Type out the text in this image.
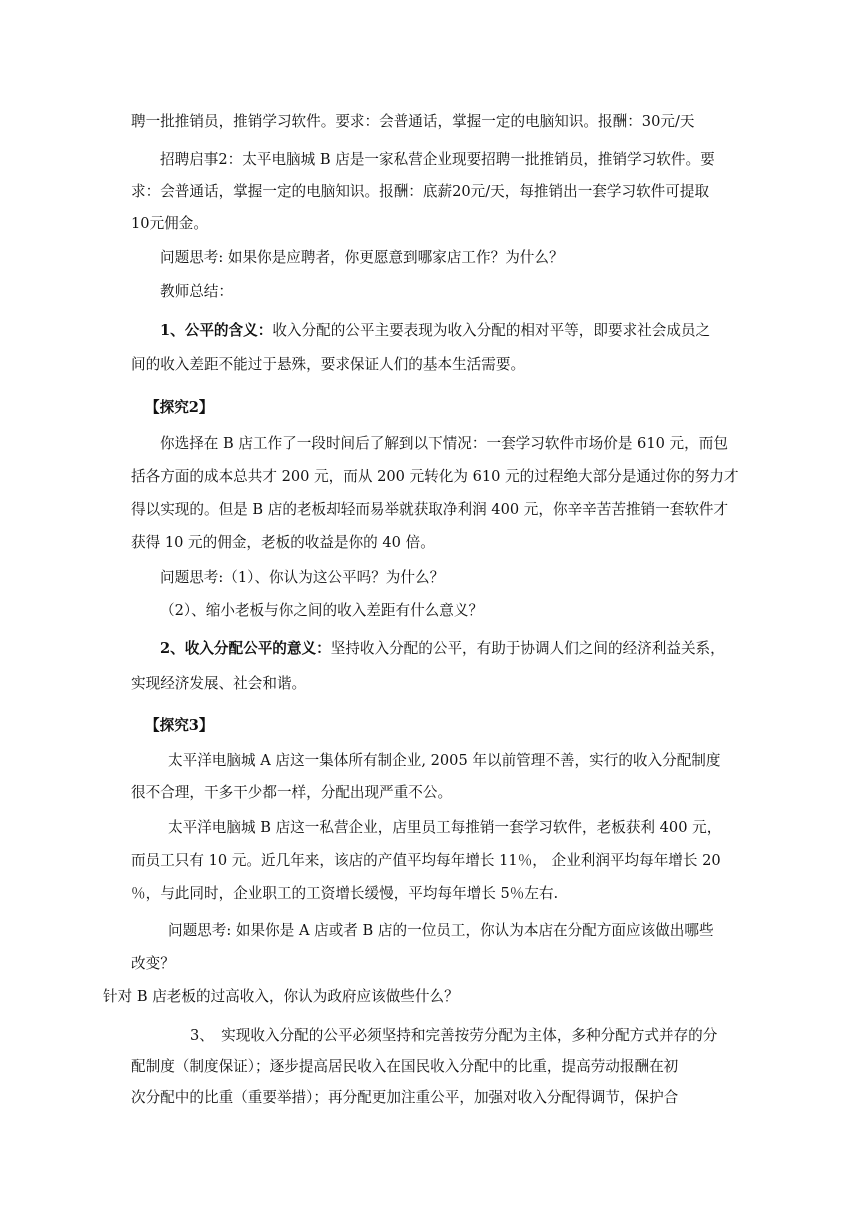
聘一批推销员，推销学习软件。要求：会普通话，掌握一定的电脑知识。报酬：30元/天
招聘启事2：太平电脑城 B 店是一家私营企业现要招聘一批推销员，推销学习软件。要
求：会普通话，掌握一定的电脑知识。报酬：底薪20元/天，每推销出一套学习软件可提取
10元佣金。
问题思考: 如果你是应聘者，你更愿意到哪家店工作？为什么？
教师总结：
1、公平的含义：收入分配的公平主要表现为收入分配的相对平等，即要求社会成员之
间的收入差距不能过于悬殊，要求保证人们的基本生活需要。
【探究2】
你选择在 B 店工作了一段时间后了解到以下情况：一套学习软件市场价是 610 元，而包
括各方面的成本总共才 200 元，而从 200 元转化为 610 元的过程绝大部分是通过你的努力才
得以实现的。但是 B 店的老板却轻而易举就获取净利润 400 元，你辛辛苦苦推销一套软件才
获得 10 元的佣金，老板的收益是你的 40 倍。
问题思考:（1）、你认为这公平吗？为什么？
（2）、缩小老板与你之间的收入差距有什么意义？
2、收入分配公平的意义：坚持收入分配的公平，有助于协调人们之间的经济利益关系，
实现经济发展、社会和谐。
【探究3】
太平洋电脑城 A 店这一集体所有制企业, 2005 年以前管理不善，实行的收入分配制度
很不合理，干多干少都一样，分配出现严重不公。
太平洋电脑城 B 店这一私营企业，店里员工每推销一套学习软件，老板获利 400 元，
而员工只有 10 元。近几年来，该店的产值平均每年增长 11％， 企业利润平均每年增长 20
％，与此同时，企业职工的工资增长缓慢，平均每年增长 5％左右.
问题思考: 如果你是 A 店或者 B 店的一位员工，你认为本店在分配方面应该做出哪些
改变？
针对 B 店老板的过高收入，你认为政府应该做些什么？
3、　实现收入分配的公平必须坚持和完善按劳分配为主体，多种分配方式并存的分
配制度（制度保证）；逐步提高居民收入在国民收入分配中的比重，提高劳动报酬在初
次分配中的比重（重要举措）；再分配更加注重公平，加强对收入分配得调节，保护合
